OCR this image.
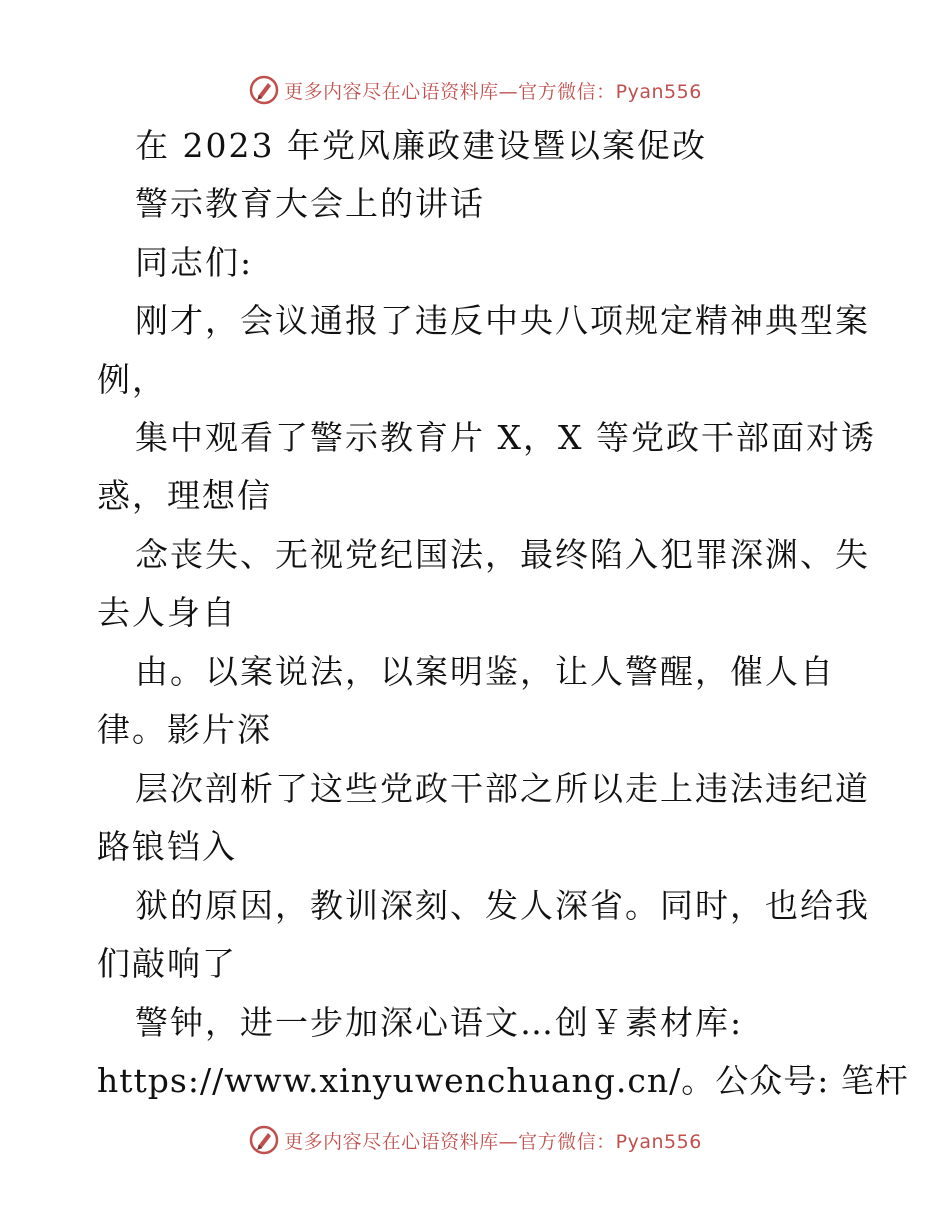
更多内容尽在心语资料库—官方微信：Pyan556
在 2023 年党风廉政建设暨以案促改
警示教育大会上的讲话
同志们:
刚才，会议通报了违反中央八项规定精神典型案
例，
集中观看了警示教育片 X，X 等党政干部面对诱
惑，理想信
念丧失、无视党纪国法，最终陷入犯罪深渊、失
去人身自
由。以案说法，以案明鉴，让人警醒，催人自
律。影片深
层次剖析了这些党政干部之所以走上违法违纪道
路锒铛入
狱的原因，教训深刻、发人深省。同时，也给我
们敲响了
警钟，进一步加深心语文…创￥素材库:
https://www.xinyuwenchuang.cn/。公众号: 笔杆
更多内容尽在心语资料库—官方微信：Pyan556
